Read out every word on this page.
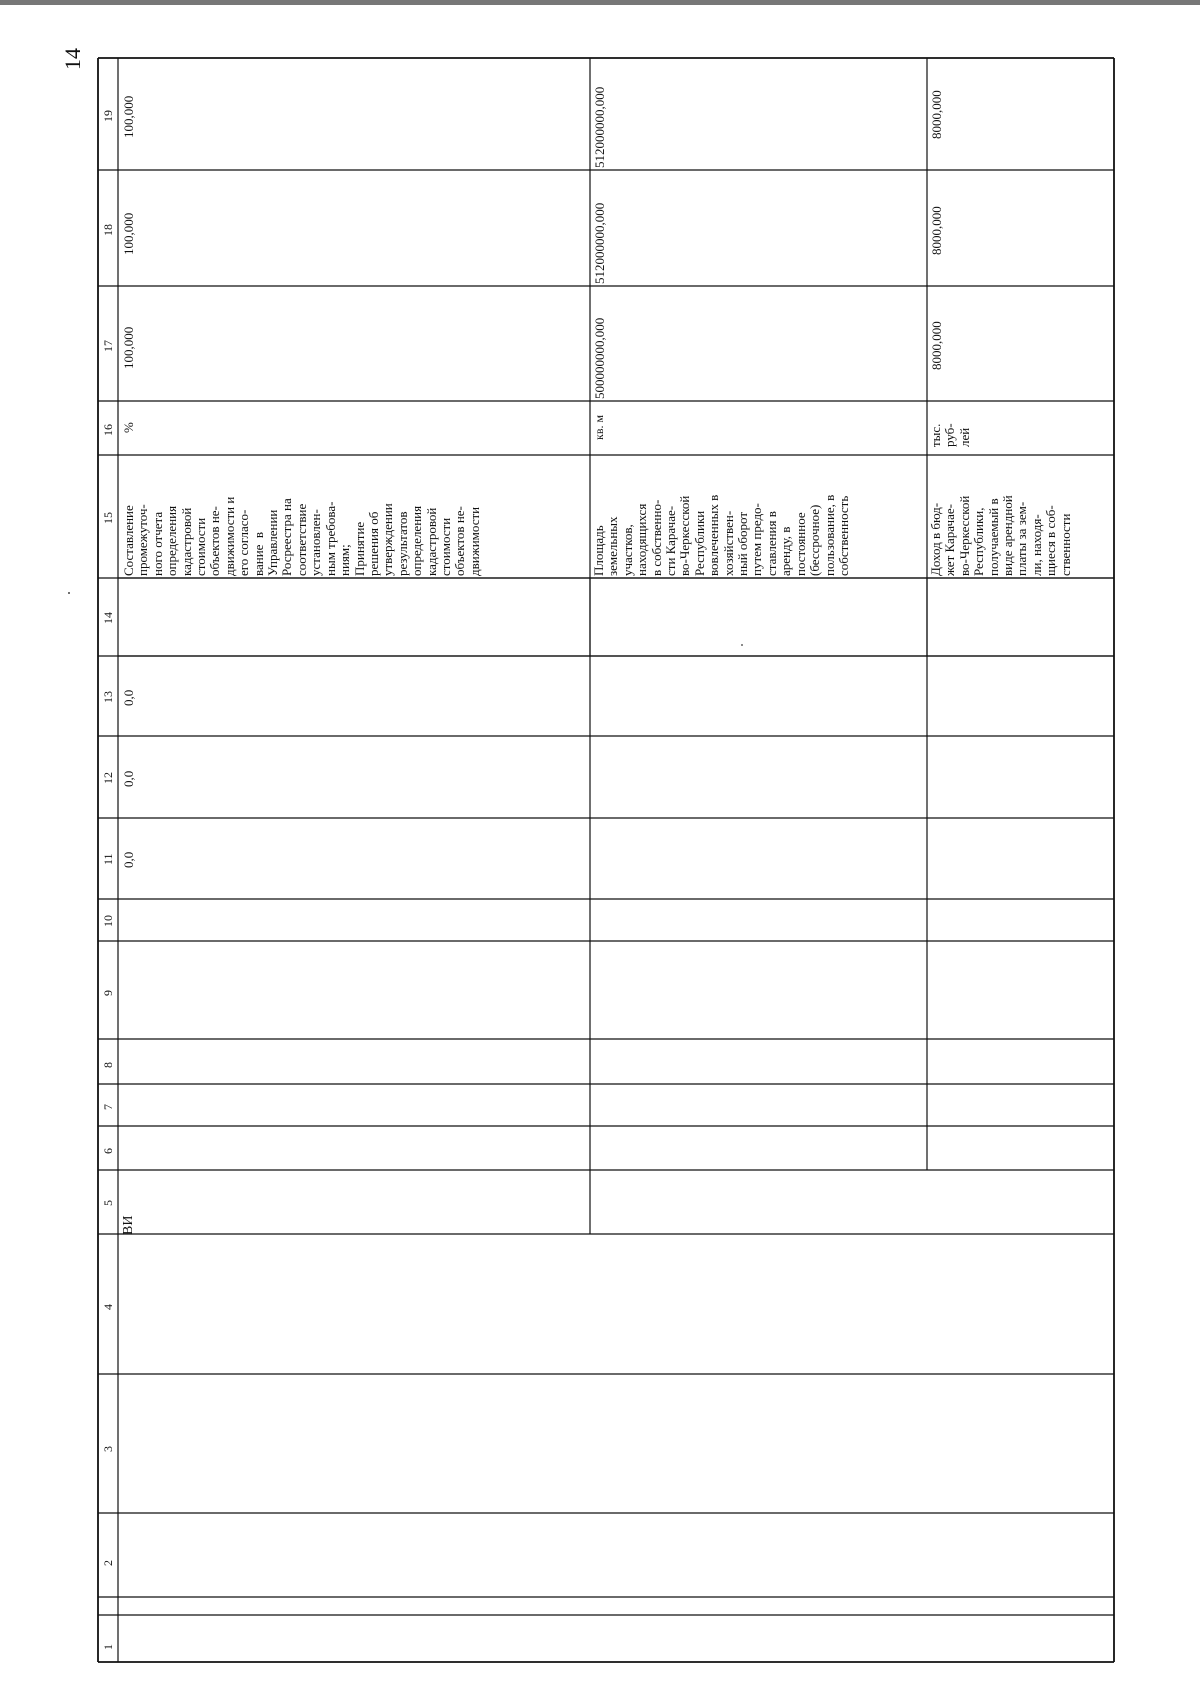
14
1
2
3
4
5
6
7
8
9
10
11
12
13
14
15
16
17
18
19
ВИ
0,0
0,0
0,0
Составление
промежуточ-
ного отчета
определения
кадастровой
стоимости
объектов не-
движимости и
его согласо-
вание  в
Управлении
Росреестра на
соответствие
установлен-
ным требова-
ниям;
Принятие
решения об
утверждении
результатов
определения
кадастровой
стоимости
объектов не-
движимости
%
100,000
100,000
100,000
Площадь
земельных
участков,
находящихся
в собственно-
сти Карачае-
во-Черкесской
Республики
вовлеченных в
хозяйствен-
ный оборот
путем предо-
ставления в
аренду, в
постоянное
(бессрочное)
пользование, в
собственность
кв. м
500000000,000
512000000,000
512000000,000
Доход в бюд-
жет Карачае-
во-Черкесской
Республики,
получаемый в
виде арендной
платы за зем-
ли, находя-
щиеся в соб-
ственности
тыс.
руб-
лей
8000,000
8000,000
8000,000
